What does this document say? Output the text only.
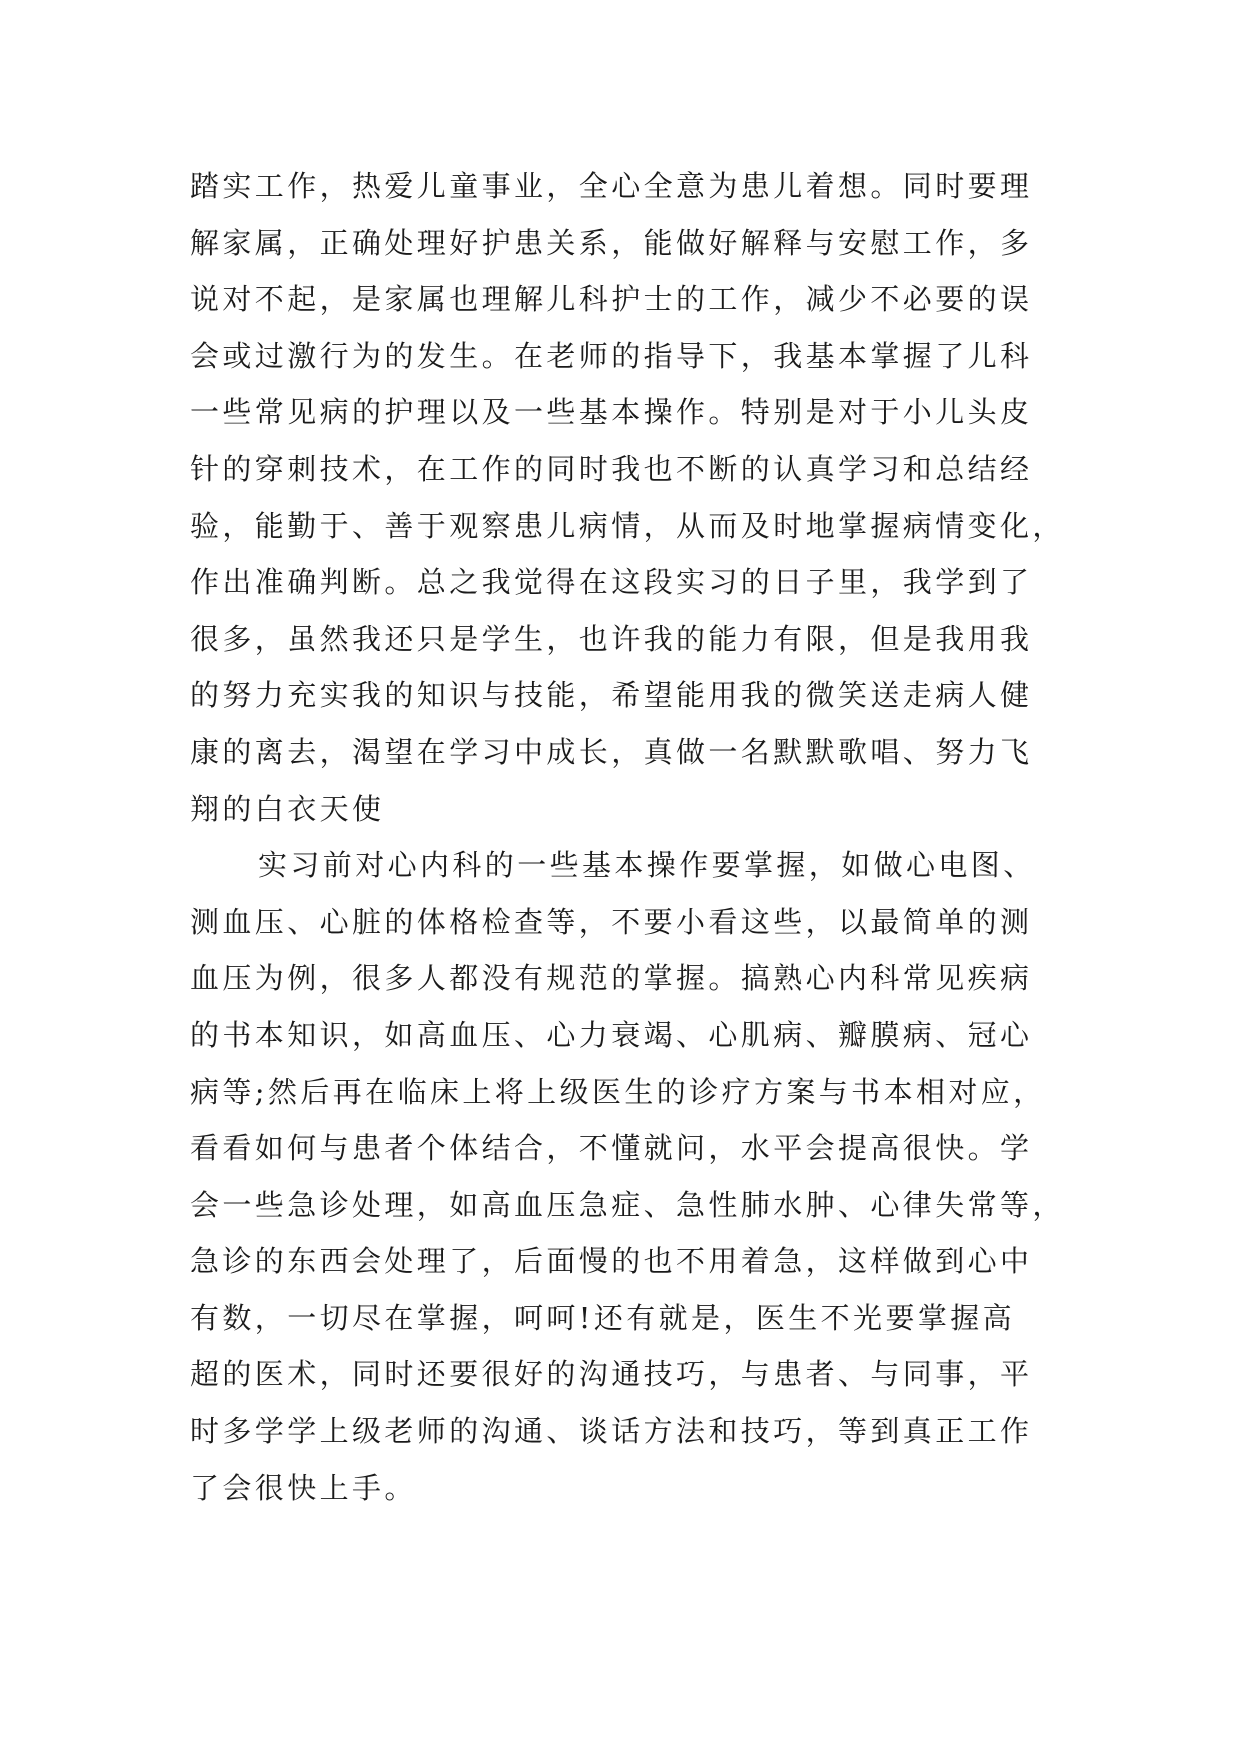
踏实工作，热爱儿童事业，全心全意为患儿着想。同时要理
解家属，正确处理好护患关系，能做好解释与安慰工作，多
说对不起，是家属也理解儿科护士的工作，减少不必要的误
会或过激行为的发生。在老师的指导下，我基本掌握了儿科
一些常见病的护理以及一些基本操作。特别是对于小儿头皮
针的穿刺技术，在工作的同时我也不断的认真学习和总结经
验，能勤于、善于观察患儿病情，从而及时地掌握病情变化，
作出准确判断。总之我觉得在这段实习的日子里，我学到了
很多，虽然我还只是学生，也许我的能力有限，但是我用我
的努力充实我的知识与技能，希望能用我的微笑送走病人健
康的离去，渴望在学习中成长，真做一名默默歌唱、努力飞
翔的白衣天使
实习前对心内科的一些基本操作要掌握，如做心电图、
测血压、心脏的体格检查等，不要小看这些，以最简单的测
血压为例，很多人都没有规范的掌握。搞熟心内科常见疾病
的书本知识，如高血压、心力衰竭、心肌病、瓣膜病、冠心
病等;然后再在临床上将上级医生的诊疗方案与书本相对应，
看看如何与患者个体结合，不懂就问，水平会提高很快。学
会一些急诊处理，如高血压急症、急性肺水肿、心律失常等，
急诊的东西会处理了，后面慢的也不用着急，这样做到心中
有数，一切尽在掌握，呵呵!还有就是，医生不光要掌握高
超的医术，同时还要很好的沟通技巧，与患者、与同事，平
时多学学上级老师的沟通、谈话方法和技巧，等到真正工作
了会很快上手。
